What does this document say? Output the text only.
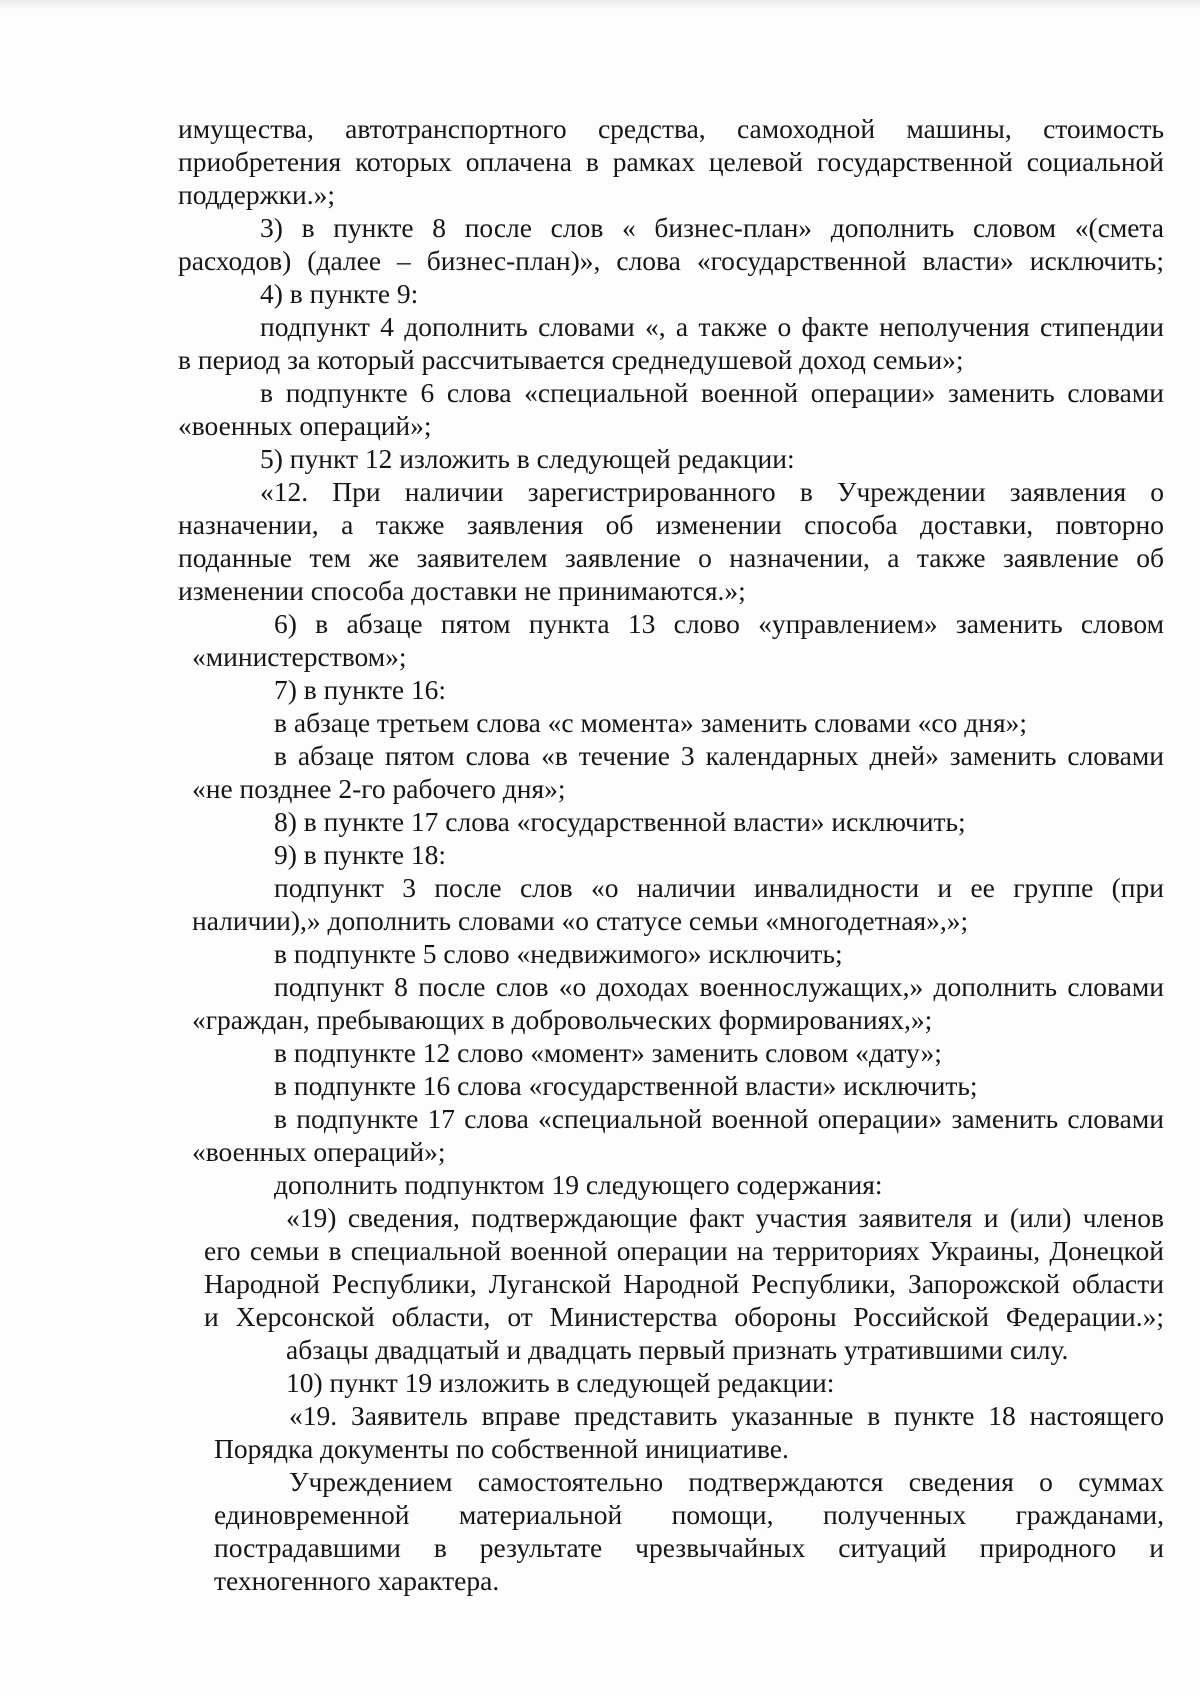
имущества, автотранспортного средства, самоходной машины, стоимость
приобретения которых оплачена в рамках целевой государственной социальной
поддержки.»;
3) в пункте 8 после слов « бизнес-план» дополнить словом «(смета
расходов) (далее – бизнес-план)», слова «государственной власти» исключить;
4) в пункте 9:
подпункт 4 дополнить словами «, а также о факте неполучения стипендии
в период за который рассчитывается среднедушевой доход семьи»;
в подпункте 6 слова «специальной военной операции» заменить словами
«военных операций»;
5) пункт 12 изложить в следующей редакции:
«12. При наличии зарегистрированного в Учреждении заявления о
назначении, а также заявления об изменении способа доставки, повторно
поданные тем же заявителем заявление о назначении, а также заявление об
изменении способа доставки не принимаются.»;
6) в абзаце пятом пункта 13 слово «управлением» заменить словом
«министерством»;
7) в пункте 16:
в абзаце третьем слова «с момента» заменить словами «со дня»;
в абзаце пятом слова «в течение 3 календарных дней» заменить словами
«не позднее 2-го рабочего дня»;
8) в пункте 17 слова «государственной власти» исключить;
9) в пункте 18:
подпункт 3 после слов «о наличии инвалидности и ее группе (при
наличии),» дополнить словами «о статусе семьи «многодетная»,»;
в подпункте 5 слово «недвижимого» исключить;
подпункт 8 после слов «о доходах военнослужащих,» дополнить словами
«граждан, пребывающих в добровольческих формированиях,»;
в подпункте 12 слово «момент» заменить словом «дату»;
в подпункте 16 слова «государственной власти» исключить;
в подпункте 17 слова «специальной военной операции» заменить словами
«военных операций»;
дополнить подпунктом 19 следующего содержания:
«19) сведения, подтверждающие факт участия заявителя и (или) членов
его семьи в специальной военной операции на территориях Украины, Донецкой
Народной Республики, Луганской Народной Республики, Запорожской области
и Херсонской области, от Министерства обороны Российской Федерации.»;
абзацы двадцатый и двадцать первый признать утратившими силу.
10) пункт 19 изложить в следующей редакции:
«19. Заявитель вправе представить указанные в пункте 18 настоящего
Порядка документы по собственной инициативе.
Учреждением самостоятельно подтверждаются сведения о суммах
единовременной материальной помощи, полученных гражданами,
пострадавшими в результате чрезвычайных ситуаций природного и
техногенного характера.
